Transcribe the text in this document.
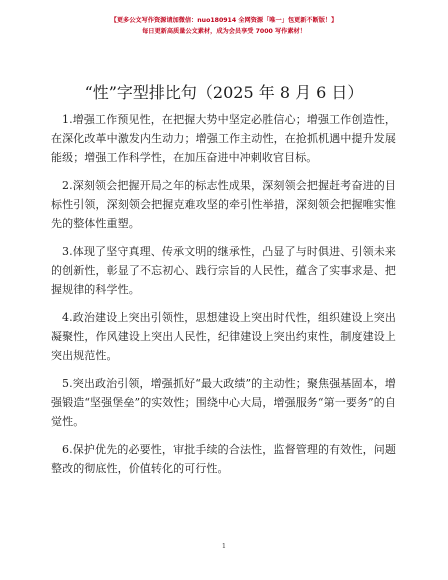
【更多公文写作资源请加微信：nuo180914 全网资源「唯一」包更新不断版！】
每日更新高质量公文素材，成为会员享受 7000 写作素材！
“性”字型排比句（2025 年 8 月 6 日）

1.增强工作预见性，在把握大势中坚定必胜信心；增强工作创造性，在深化改革中激发内生动力；增强工作主动性，在抢抓机遇中提升发展能级；增强工作科学性，在加压奋进中冲刺收官目标。

2.深刻领会把握开局之年的标志性成果，深刻领会把握赶考奋进的目标性引领，深刻领会把握克难攻坚的牵引性举措，深刻领会把握唯实惟先的整体性重塑。

3.体现了坚守真理、传承文明的继承性，凸显了与时俱进、引领未来的创新性，彰显了不忘初心、践行宗旨的人民性，蕴含了实事求是、把握规律的科学性。

4.政治建设上突出引领性，思想建设上突出时代性，组织建设上突出凝聚性，作风建设上突出人民性，纪律建设上突出约束性，制度建设上突出规范性。

5.突出政治引领，增强抓好“最大政绩”的主动性；聚焦强基固本，增强锻造“坚强堡垒”的实效性；围绕中心大局，增强服务“第一要务”的自觉性。

6.保护优先的必要性，审批手续的合法性，监督管理的有效性，问题整改的彻底性，价值转化的可行性。

1
